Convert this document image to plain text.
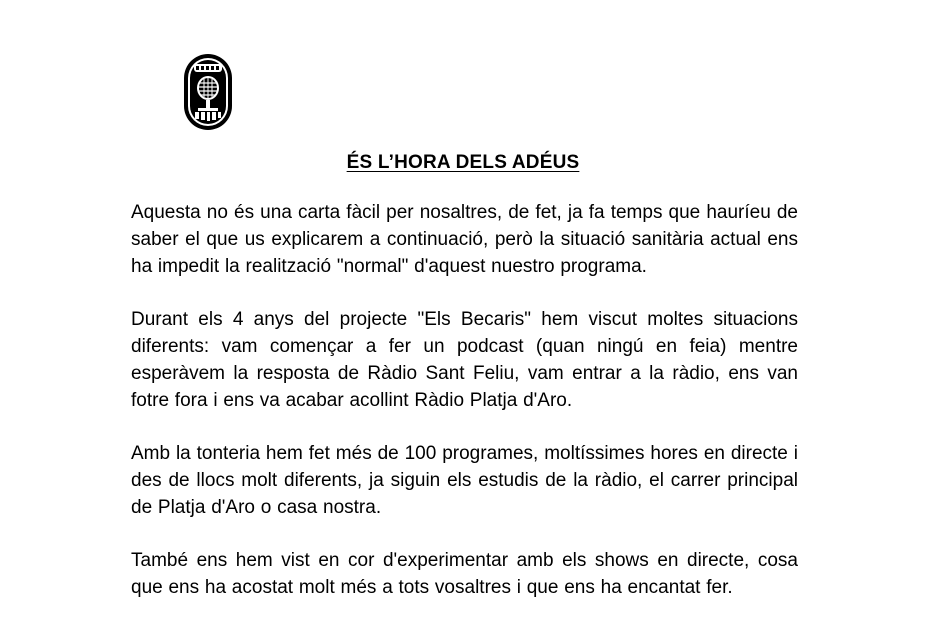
ÉS L’HORA DELS ADÉUS

Aquesta no és una carta fàcil per nosaltres, de fet, ja fa temps que hauríeu de saber el que us explicarem a continuació, però la situació sanitària actual ens ha impedit la realització "normal" d'aquest nuestro programa.

Durant els 4 anys del projecte "Els Becaris" hem viscut moltes situacions diferents: vam començar a fer un podcast (quan ningú en feia) mentre esperàvem la resposta de Ràdio Sant Feliu, vam entrar a la ràdio, ens van fotre fora i ens va acabar acollint Ràdio Platja d'Aro.

Amb la tonteria hem fet més de 100 programes, moltíssimes hores en directe i des de llocs molt diferents, ja siguin els estudis de la ràdio, el carrer principal de Platja d'Aro o casa nostra.

També ens hem vist en cor d'experimentar amb els shows en directe, cosa que ens ha acostat molt més a tots vosaltres i que ens ha encantat fer.
